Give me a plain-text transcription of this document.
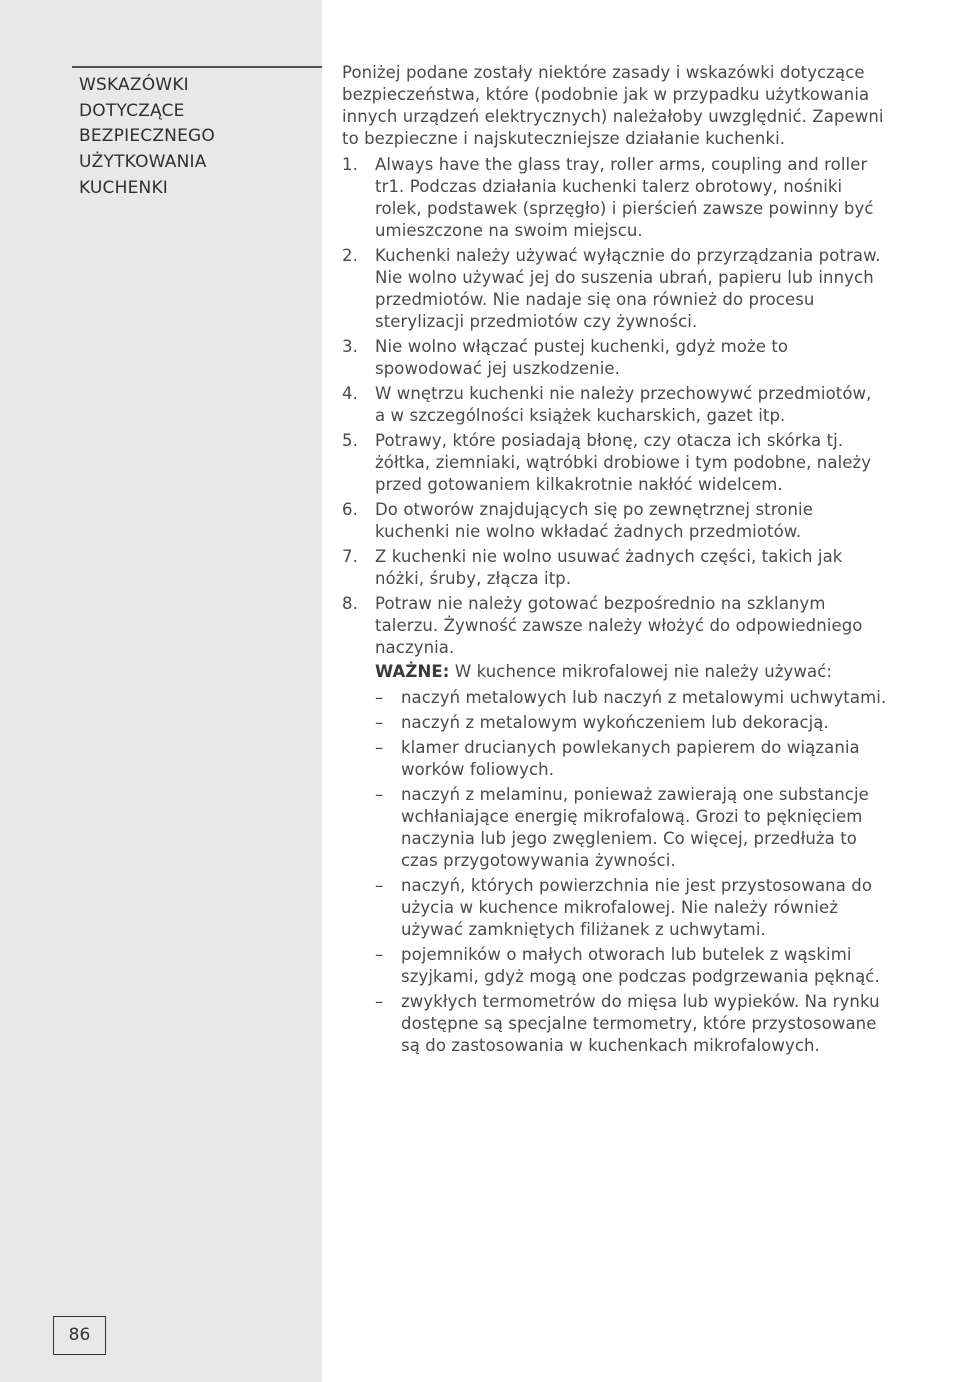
WSKAZÓWKI
DOTYCZĄCE
BEZPIECZNEGO
UŻYTKOWANIA
KUCHENKI
86

Poniżej podane zostały niektóre zasady i wskazówki dotyczące bezpieczeństwa, które (podobnie jak w przypadku użytkowania innych urządzeń elektrycznych) należałoby uwzględnić. Zapewni to bezpieczne i najskuteczniejsze działanie kuchenki.

1. Always have the glass tray, roller arms, coupling and roller tr1. Podczas działania kuchenki talerz obrotowy, nośniki rolek, podstawek (sprzęgło) i pierścień zawsze powinny być umieszczone na swoim miejscu.
2. Kuchenki należy używać wyłącznie do przyrządzania potraw. Nie wolno używać jej do suszenia ubrań, papieru lub innych przedmiotów. Nie nadaje się ona również do procesu sterylizacji przedmiotów czy żywności.
3. Nie wolno włączać pustej kuchenki, gdyż może to spowodować jej uszkodzenie.
4. W wnętrzu kuchenki nie należy przechowywć przedmiotów, a w szczególności książek kucharskich, gazet itp.
5. Potrawy, które posiadają błonę, czy otacza ich skórka tj. żółtka, ziemniaki, wątróbki drobiowe i tym podobne, należy przed gotowaniem kilkakrotnie nakłóć widelcem.
6. Do otworów znajdujących się po zewnętrznej stronie kuchenki nie wolno wkładać żadnych przedmiotów.
7. Z kuchenki nie wolno usuwać żadnych części, takich jak nóżki, śruby, złącza itp.
8. Potraw nie należy gotować bezpośrednio na szklanym talerzu. Żywność zawsze należy włożyć do odpowiedniego naczynia.

WAŻNE: W kuchence mikrofalowej nie należy używać:

– naczyń metalowych lub naczyń z metalowymi uchwytami.
– naczyń z metalowym wykończeniem lub dekoracją.
– klamer drucianych powlekanych papierem do wiązania worków foliowych.
– naczyń z melaminu, ponieważ zawierają one substancje wchłaniające energię mikrofalową. Grozi to pęknięciem naczynia lub jego zwęgleniem. Co więcej, przedłuża to czas przygotowywania żywności.
– naczyń, których powierzchnia nie jest przystosowana do użycia w kuchence mikrofalowej. Nie należy również używać zamkniętych filiżanek z uchwytami.
– pojemników o małych otworach lub butelek z wąskimi szyjkami, gdyż mogą one podczas podgrzewania pęknąć.
– zwykłych termometrów do mięsa lub wypieków. Na rynku dostępne są specjalne termometry, które przystosowane są do zastosowania w kuchenkach mikrofalowych.
